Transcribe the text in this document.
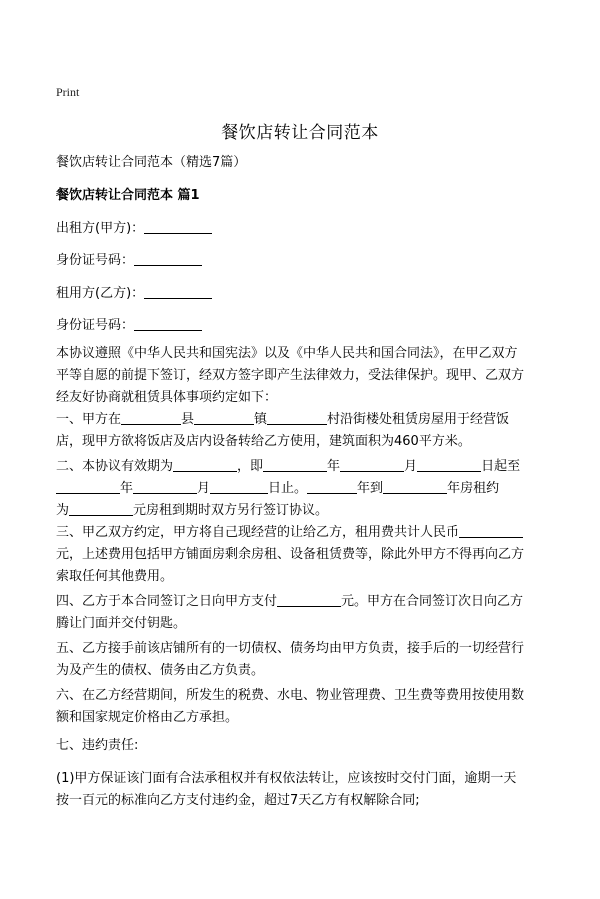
Print
餐饮店转让合同范本
餐饮店转让合同范本（精选7篇）
餐饮店转让合同范本 篇1
出租方(甲方)：
身份证号码：
租用方(乙方)：
身份证号码：
本协议遵照《中华人民共和国宪法》以及《中华人民共和国合同法》，在甲乙双方
平等自愿的前提下签订，经双方签字即产生法律效力，受法律保护。现甲、乙双方
经友好协商就租赁具体事项约定如下：
一、甲方在	县	镇	村沿街楼处租赁房屋用于经营饭
店，现甲方欲将饭店及店内设备转给乙方使用，建筑面积为460平方米。
二、本协议有效期为	，即	年	月	日起至
年	月	日止。	年到	年房租约
为	元房租到期时双方另行签订协议。
三、甲乙双方约定，甲方将自己现经营的让给乙方，租用费共计人民币
元，上述费用包括甲方铺面房剩余房租、设备租赁费等，除此外甲方不得再向乙方
索取任何其他费用。
四、乙方于本合同签订之日向甲方支付	元。甲方在合同签订次日向乙方
腾让门面并交付钥匙。
五、乙方接手前该店铺所有的一切债权、债务均由甲方负责，接手后的一切经营行
为及产生的债权、债务由乙方负责。
六、在乙方经营期间，所发生的税费、水电、物业管理费、卫生费等费用按使用数
额和国家规定价格由乙方承担。
七、违约责任:
(1)甲方保证该门面有合法承租权并有权依法转让，应该按时交付门面，逾期一天
按一百元的标准向乙方支付违约金，超过7天乙方有权解除合同;
